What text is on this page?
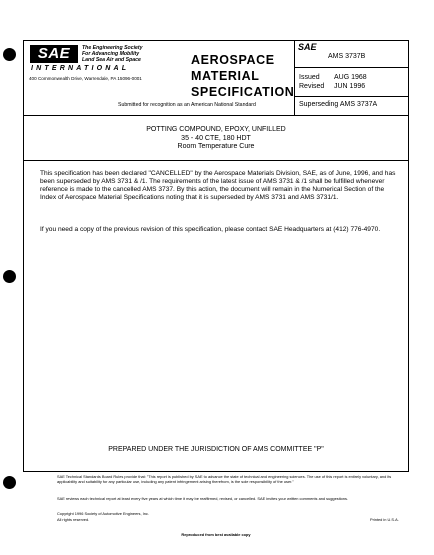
SAE	The Engineering Society
For Advancing Mobility
Land Sea Air and Space
INTERNATIONAL
400 Commonwealth Drive, Warrendale, PA 15096-0001
AEROSPACE
MATERIAL
SPECIFICATION
Submitted for recognition as an American National Standard
SAE
AMS 3737B
Issued AUG 1968
Revised JUN 1996
Superseding AMS 3737A
POTTING COMPOUND, EPOXY, UNFILLED
35 - 40 CTE, 180 HDT
Room Temperature Cure
This specification has been declared "CANCELLED" by the Aerospace Materials Division, SAE, as of June, 1996, and has been superseded by AMS 3731 & /1. The requirements of the latest issue of AMS 3731 & /1 shall be fulfilled whenever reference is made to the cancelled AMS 3737. By this action, the document will remain in the Numerical Section of the Index of Aerospace Material Specifications noting that it is superseded by AMS 3731 and AMS 3731/1.
If you need a copy of the previous revision of this specification, please contact SAE Headquarters at (412) 776-4970.
PREPARED UNDER THE JURISDICTION OF AMS COMMITTEE "P"
SAE Technical Standards Board Rules provide that: "This report is published by SAE to advance the state of technical and engineering sciences. The use of this report is entirely voluntary, and its applicability and suitability for any particular use, including any patent infringement arising therefrom, is the sole responsibility of the user."
SAE reviews each technical report at least every five years at which time it may be reaffirmed, revised, or cancelled. SAE invites your written comments and suggestions.
Copyright 1996 Society of Automotive Engineers, Inc.
All rights reserved.	Printed in U.S.A.
Reproduced from best available copy
